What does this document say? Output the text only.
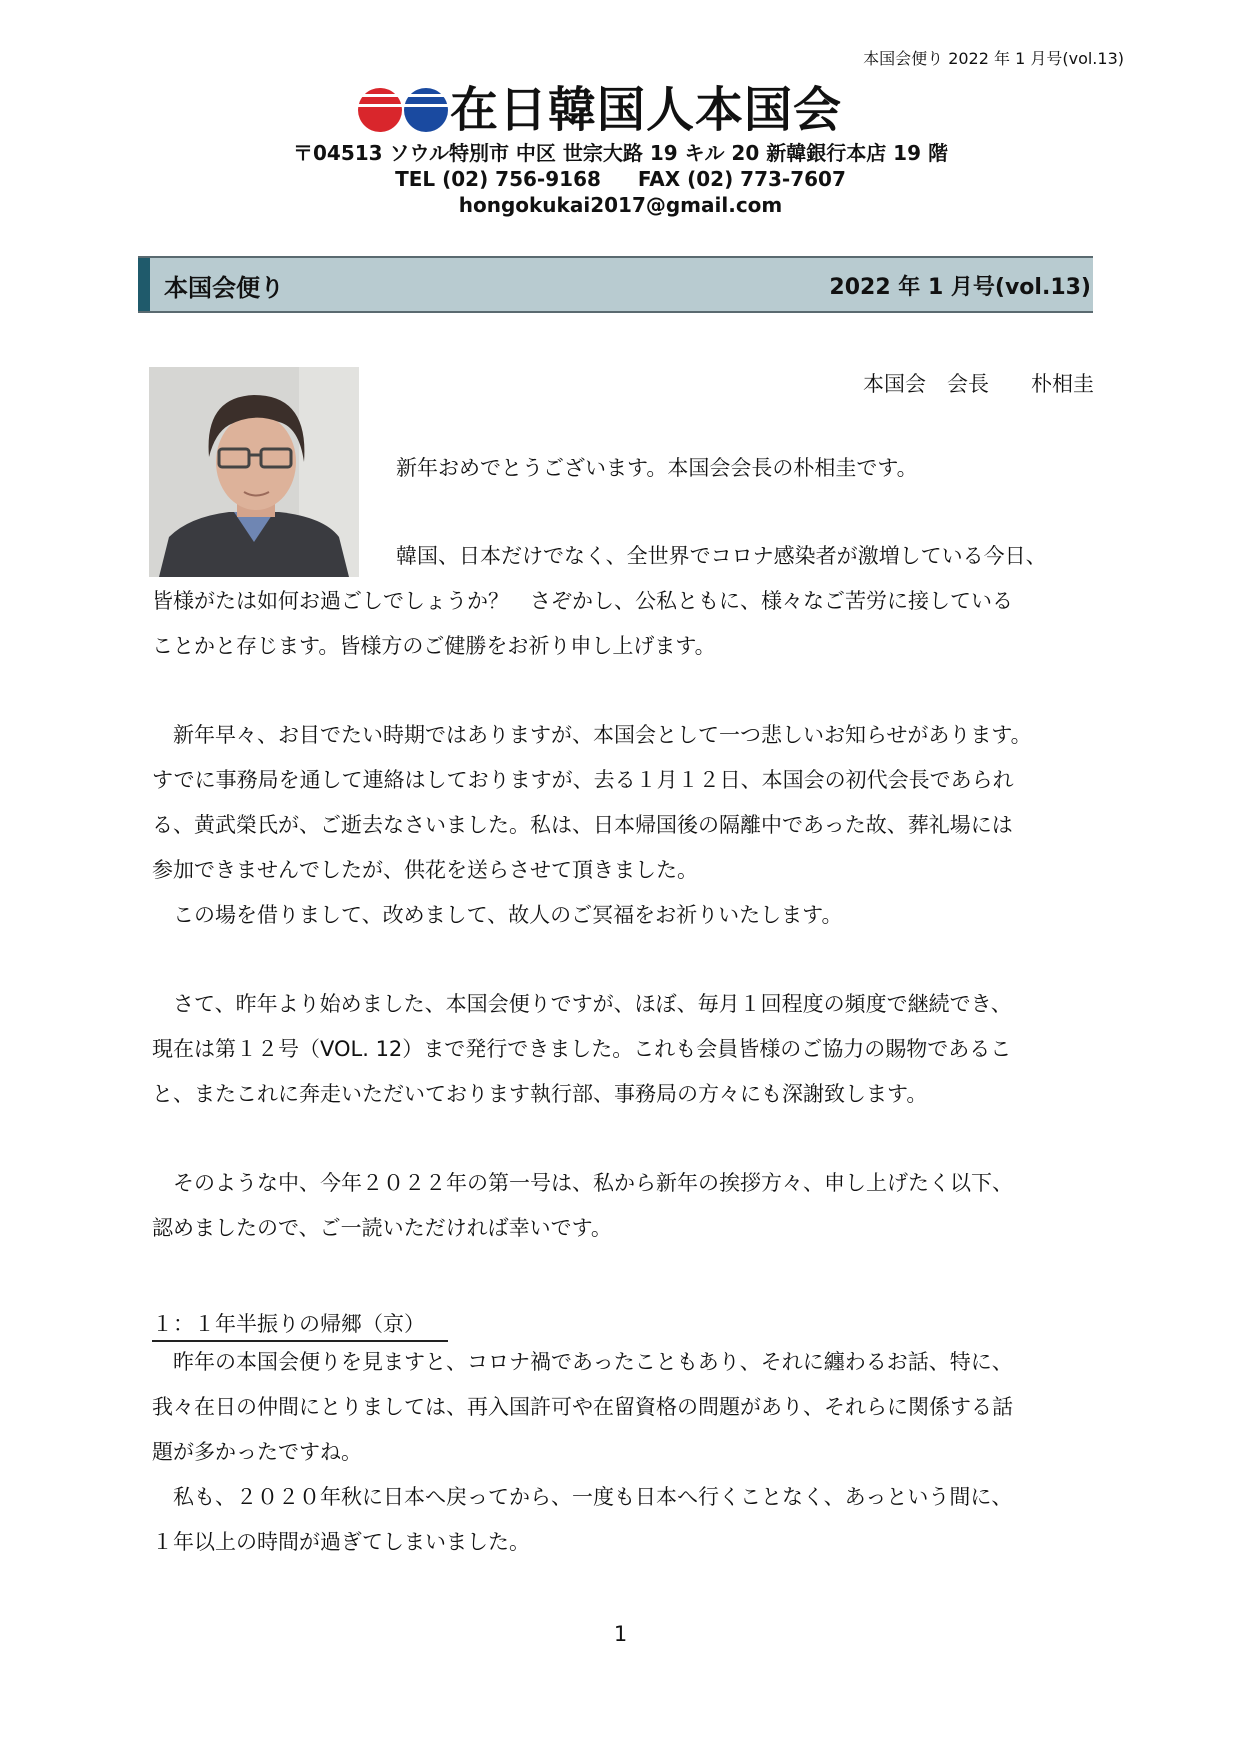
本国会便り 2022 年 1 月号(vol.13)
在日韓国人本国会
〒04513 ソウル特別市 中区 世宗大路 19 キル 20 新韓銀行本店 19 階
TEL (02) 756-9168 FAX (02) 773-7607
hongokukai2017@gmail.com
本国会便り	2022 年 1 月号(vol.13)
本国会　会長　　朴相圭
新年おめでとうございます。本国会会長の朴相圭です。
韓国、日本だけでなく、全世界でコロナ感染者が激増している今日、
皆様がたは如何お過ごしでしょうか？　さぞかし、公私ともに、様々なご苦労に接している
ことかと存じます。皆様方のご健勝をお祈り申し上げます。
　新年早々、お目でたい時期ではありますが、本国会として一つ悲しいお知らせがあります。
すでに事務局を通して連絡はしておりますが、去る１月１２日、本国会の初代会長であられ
る、黄武榮氏が、ご逝去なさいました。私は、日本帰国後の隔離中であった故、葬礼場には
参加できませんでしたが、供花を送らさせて頂きました。
　この場を借りまして、改めまして、故人のご冥福をお祈りいたします。
　さて、昨年より始めました、本国会便りですが、ほぼ、毎月１回程度の頻度で継続でき、
現在は第１２号（VOL. 12）まで発行できました。これも会員皆様のご協力の賜物であるこ
と、またこれに奔走いただいております執行部、事務局の方々にも深謝致します。
　そのような中、今年２０２２年の第一号は、私から新年の挨拶方々、申し上げたく以下、
認めましたので、ご一読いただければ幸いです。
１：１年半振りの帰郷（京）
　昨年の本国会便りを見ますと、コロナ禍であったこともあり、それに纏わるお話、特に、
我々在日の仲間にとりましては、再入国許可や在留資格の問題があり、それらに関係する話
題が多かったですね。
　私も、２０２０年秋に日本へ戻ってから、一度も日本へ行くことなく、あっという間に、
１年以上の時間が過ぎてしまいました。
1
